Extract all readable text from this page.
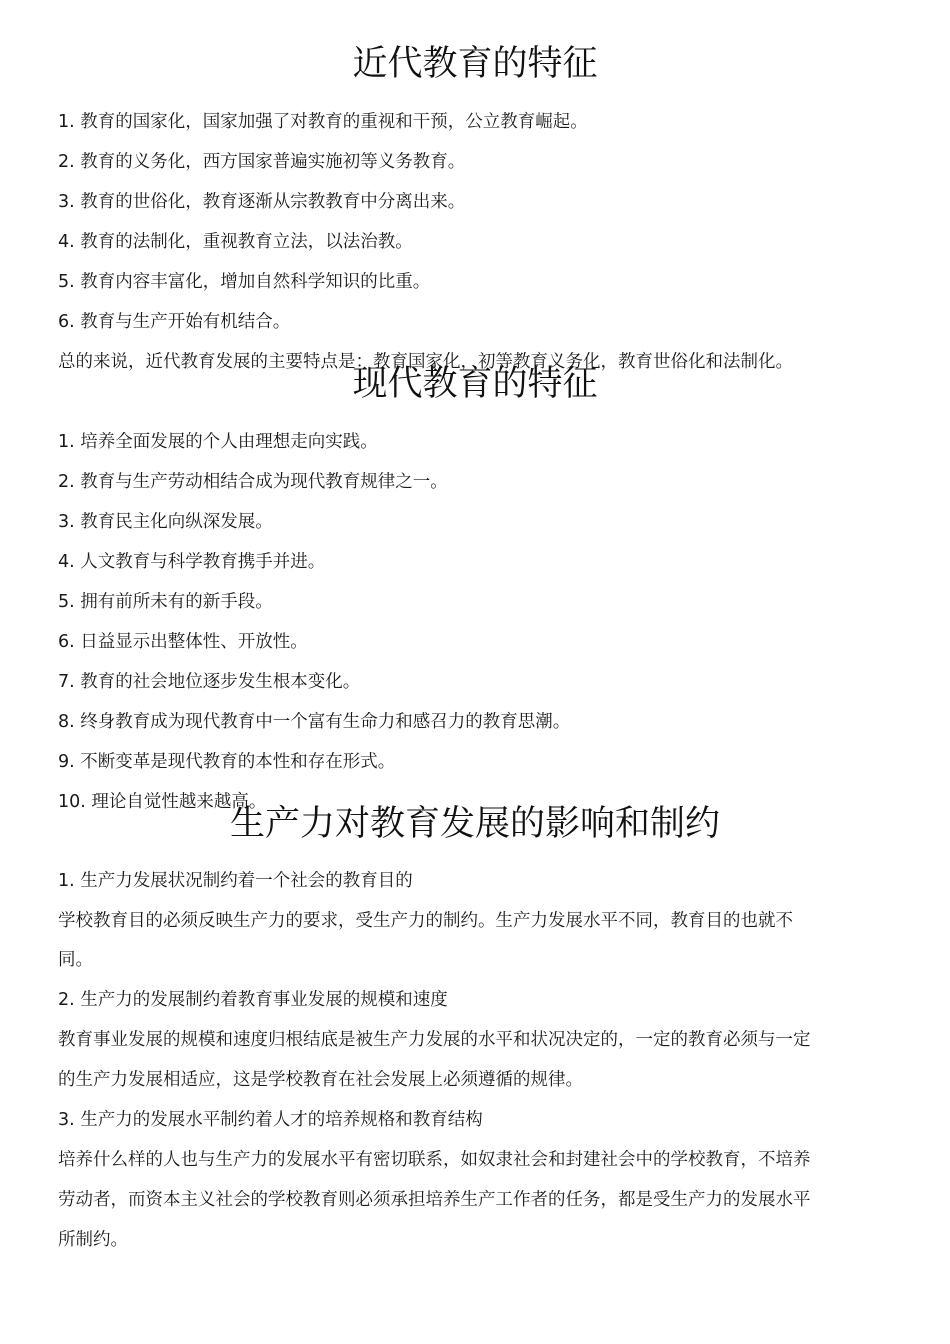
近代教育的特征
1. 教育的国家化，国家加强了对教育的重视和干预，公立教育崛起。
2. 教育的义务化，西方国家普遍实施初等义务教育。
3. 教育的世俗化，教育逐渐从宗教教育中分离出来。
4. 教育的法制化，重视教育立法，以法治教。
5. 教育内容丰富化，增加自然科学知识的比重。
6. 教育与生产开始有机结合。
总的来说，近代教育发展的主要特点是：教育国家化，初等教育义务化，教育世俗化和法制化。
现代教育的特征
1. 培养全面发展的个人由理想走向实践。
2. 教育与生产劳动相结合成为现代教育规律之一。
3. 教育民主化向纵深发展。
4. 人文教育与科学教育携手并进。
5. 拥有前所未有的新手段。
6. 日益显示出整体性、开放性。
7. 教育的社会地位逐步发生根本变化。
8. 终身教育成为现代教育中一个富有生命力和感召力的教育思潮。
9. 不断变革是现代教育的本性和存在形式。
10. 理论自觉性越来越高。
生产力对教育发展的影响和制约
1. 生产力发展状况制约着一个社会的教育目的
学校教育目的必须反映生产力的要求，受生产力的制约。生产力发展水平不同，教育目的也就不
同。
2. 生产力的发展制约着教育事业发展的规模和速度
教育事业发展的规模和速度归根结底是被生产力发展的水平和状况决定的，一定的教育必须与一定
的生产力发展相适应，这是学校教育在社会发展上必须遵循的规律。
3. 生产力的发展水平制约着人才的培养规格和教育结构
培养什么样的人也与生产力的发展水平有密切联系，如奴隶社会和封建社会中的学校教育，不培养
劳动者，而资本主义社会的学校教育则必须承担培养生产工作者的任务，都是受生产力的发展水平
所制约。
